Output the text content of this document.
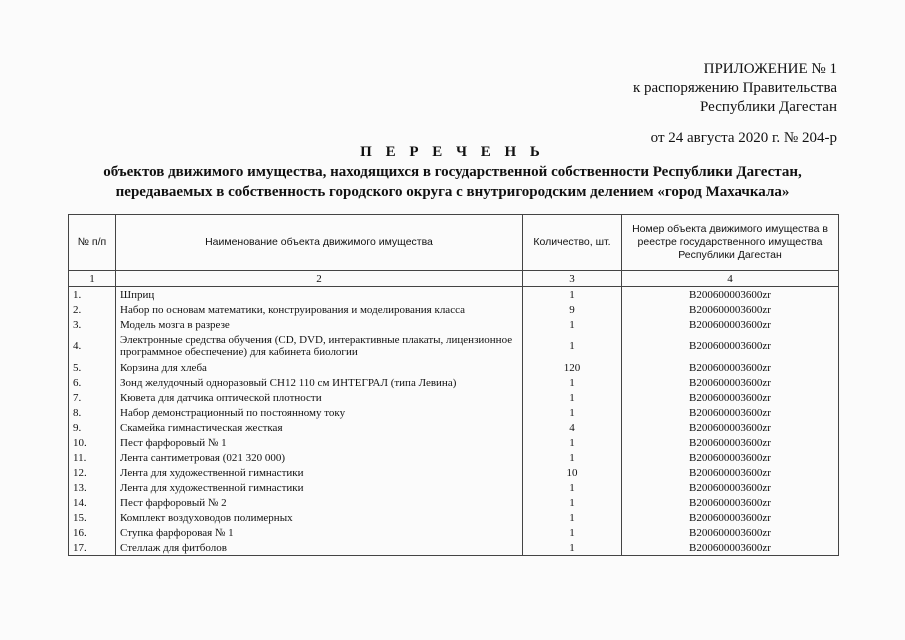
ПРИЛОЖЕНИЕ № 1
к распоряжению Правительства
Республики Дагестан
от 24 августа 2020 г. № 204-р
П Е Р Е Ч Е Н Ь
объектов движимого имущества, находящихся в государственной собственности Республики Дагестан,
передаваемых в собственность городского округа с внутригородским делением «город Махачкала»
№ п/п	Наименование объекта движимого имущества	Количество, шт.	Номер объекта движимого имущества в реестре государственного имущества Республики Дагестан
1	2	3	4
1.	Шприц	1	B200600003600zr
2.	Набор по основам математики, конструирования и моделирования класса	9	B200600003600zr
3.	Модель мозга в разрезе	1	B200600003600zr
4.	Электронные средства обучения (CD, DVD, интерактивные плакаты, лицензионное программное обеспечение) для кабинета биологии	1	B200600003600zr
5.	Корзина для хлеба	120	B200600003600zr
6.	Зонд желудочный одноразовый CH12 110 см ИНТЕГРАЛ (типа Левина)	1	B200600003600zr
7.	Кювета для датчика оптической плотности	1	B200600003600zr
8.	Набор демонстрационный по постоянному току	1	B200600003600zr
9.	Скамейка гимнастическая жесткая	4	B200600003600zr
10.	Пест фарфоровый № 1	1	B200600003600zr
11.	Лента сантиметровая (021 320 000)	1	B200600003600zr
12.	Лента для художественной гимнастики	10	B200600003600zr
13.	Лента для художественной гимнастики	1	B200600003600zr
14.	Пест фарфоровый № 2	1	B200600003600zr
15.	Комплект воздуховодов полимерных	1	B200600003600zr
16.	Ступка фарфоровая № 1	1	B200600003600zr
17.	Стеллаж для фитболов	1	B200600003600zr
